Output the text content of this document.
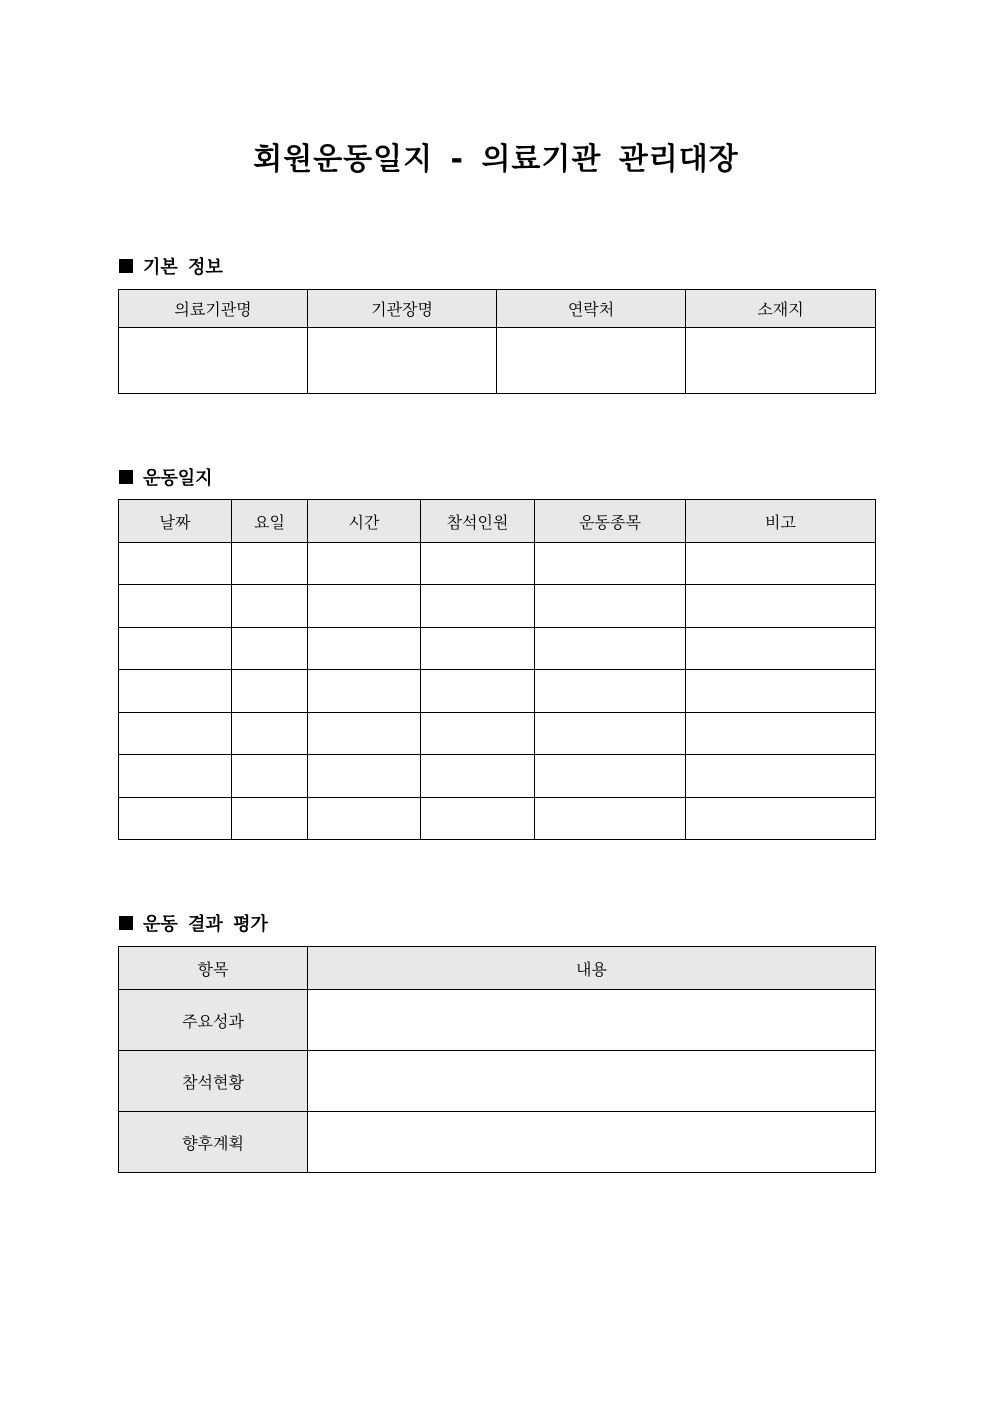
회원운동일지 - 의료기관 관리대장
기본 정보
의료기관명	기관장명	연락처	소재지

운동일지
날짜	요일	시간	참석인원	운동종목	비고

운동 결과 평가
항목	내용
주요성과	
참석현황	
향후계획	
